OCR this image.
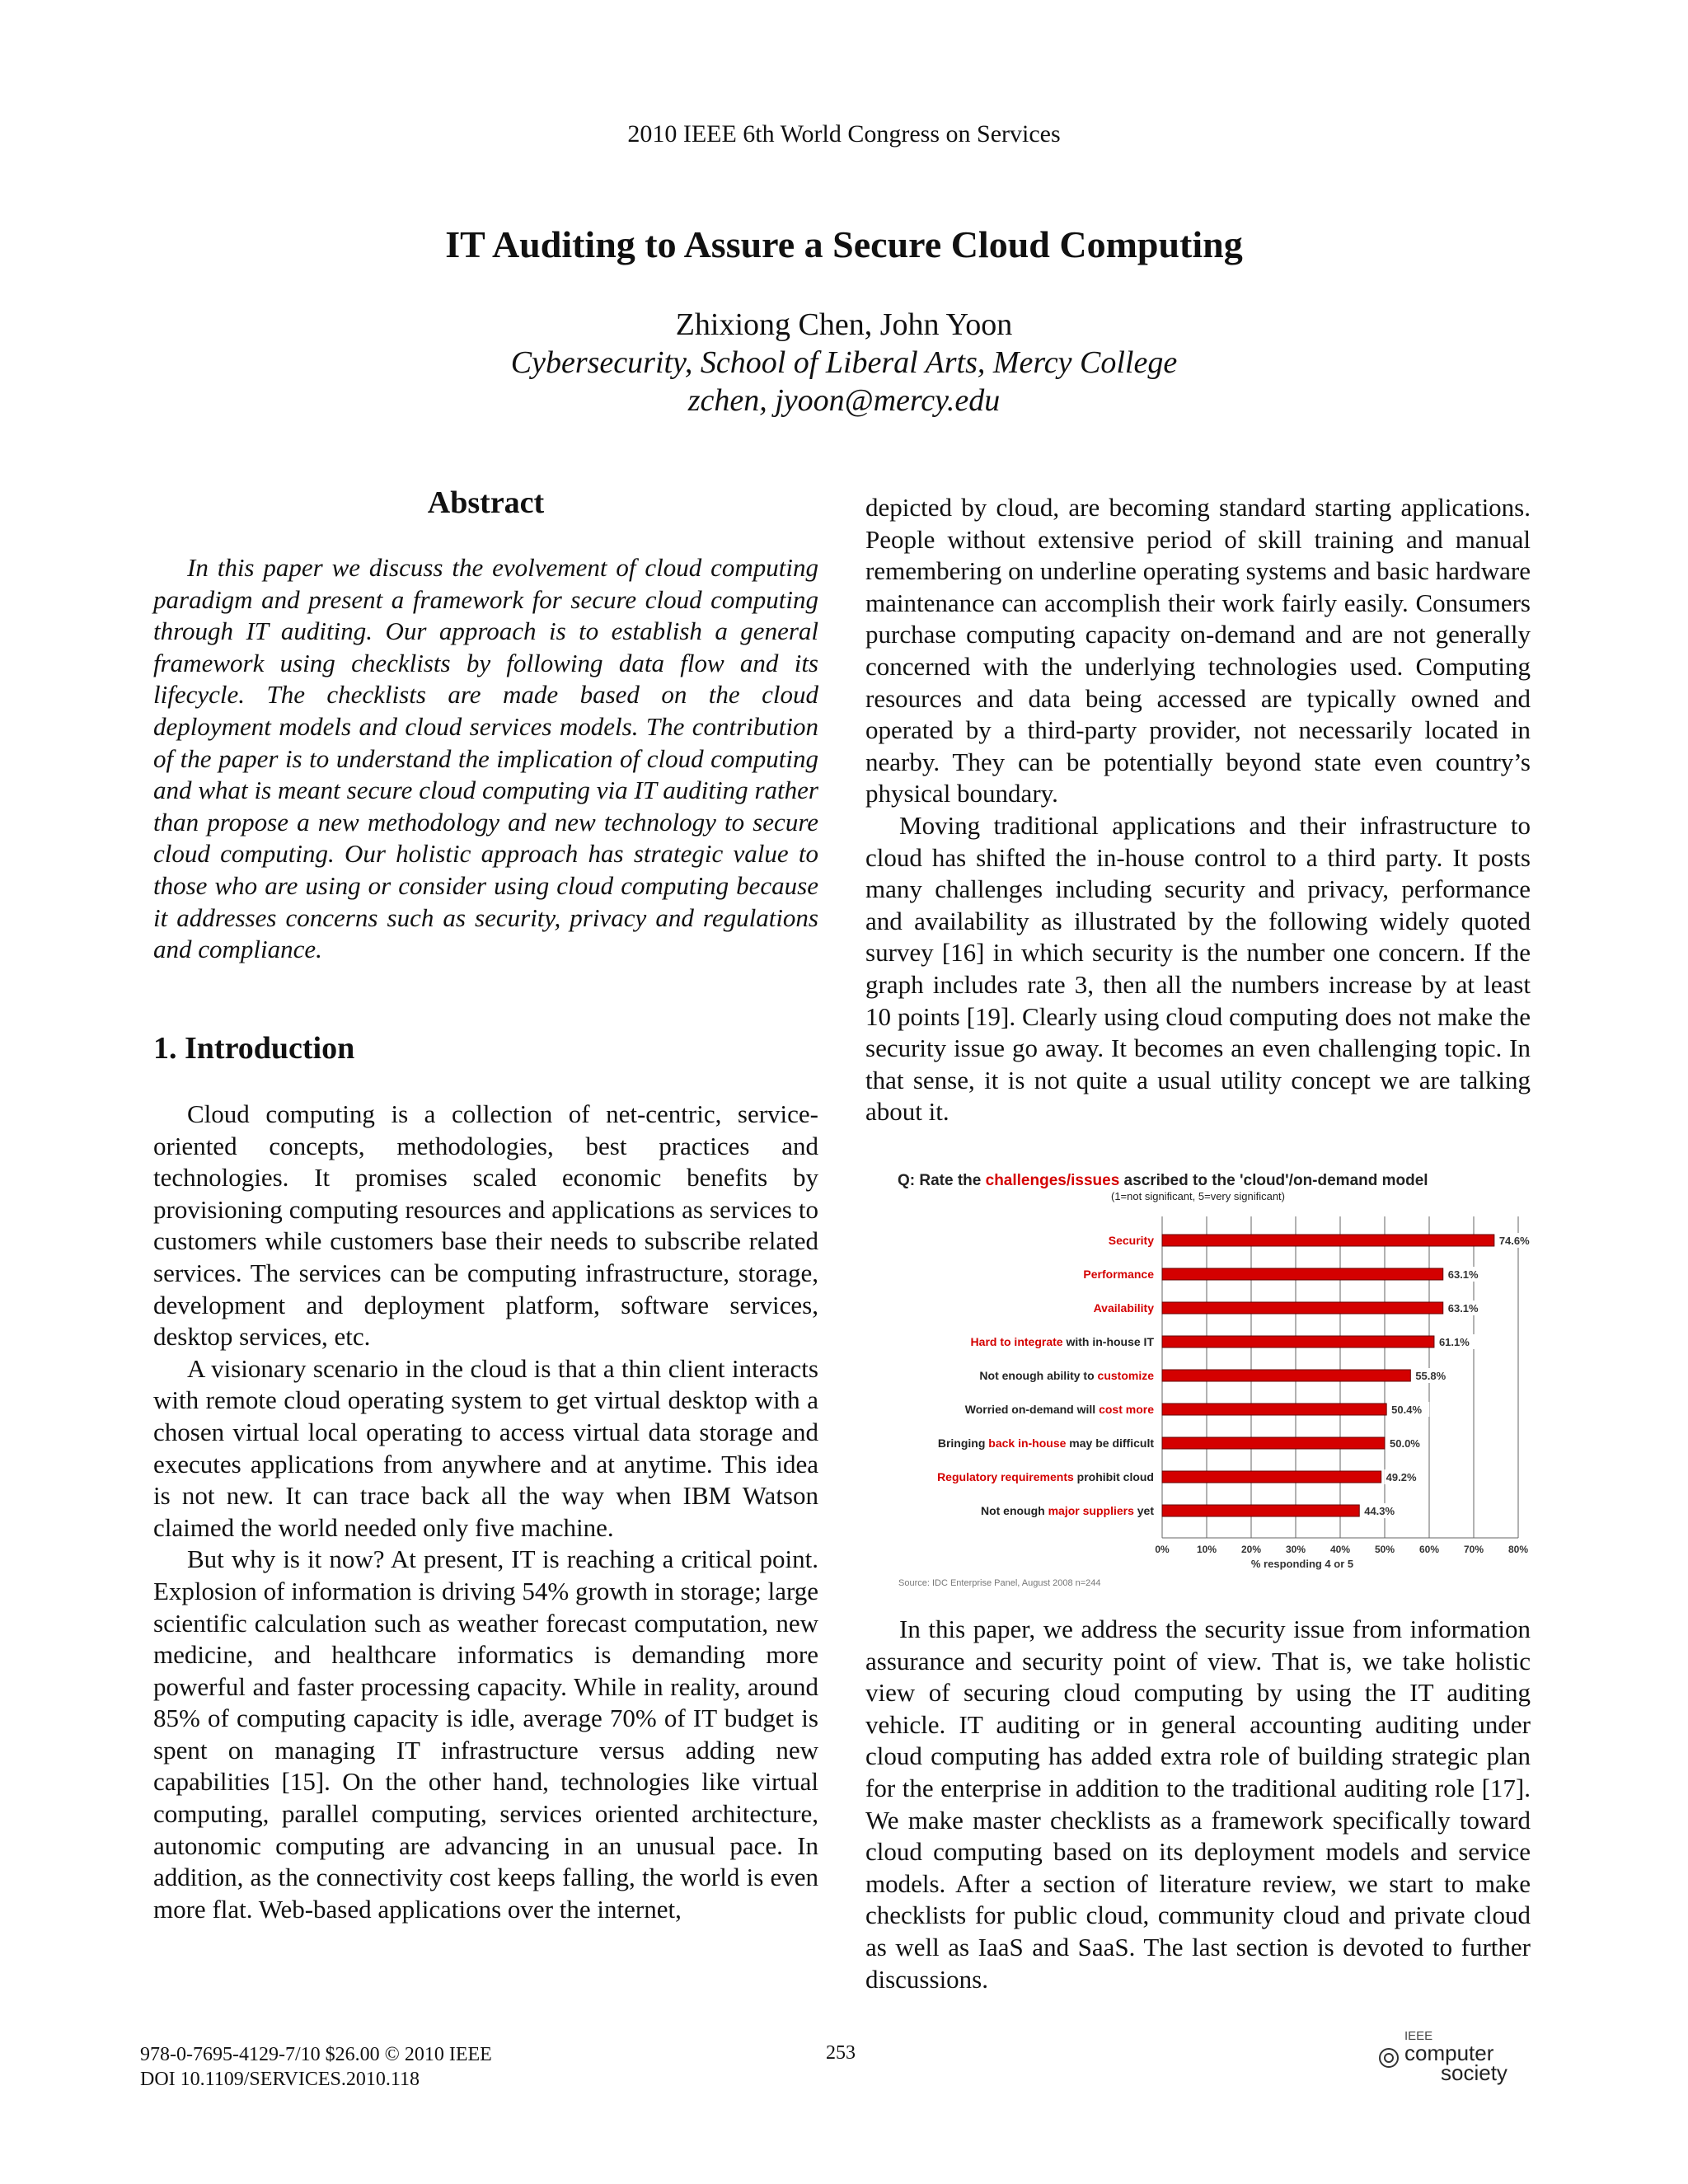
2010 IEEE 6th World Congress on Services
IT Auditing to Assure a Secure Cloud Computing
Zhixiong Chen, John Yoon
Cybersecurity, School of Liberal Arts, Mercy College
zchen, jyoon@mercy.edu
Abstract

In this paper we discuss the evolvement of cloud computing paradigm and present a framework for secure cloud computing through IT auditing. Our approach is to establish a general framework using checklists by following data flow and its lifecycle. The checklists are made based on the cloud deployment models and cloud services models. The contribution of the paper is to understand the implication of cloud computing and what is meant secure cloud computing via IT auditing rather than propose a new methodology and new technology to secure cloud computing. Our holistic approach has strategic value to those who are using or consider using cloud computing because it addresses concerns such as security, privacy and regulations and compliance.

1. Introduction

Cloud computing is a collection of net-centric, service-oriented concepts, methodologies, best practices and technologies. It promises scaled economic benefits by provisioning computing resources and applications as services to customers while customers base their needs to subscribe related services. The services can be computing infrastructure, storage, development and deployment platform, software services, desktop services, etc.

A visionary scenario in the cloud is that a thin client interacts with remote cloud operating system to get virtual desktop with a chosen virtual local operating to access virtual data storage and executes applications from anywhere and at anytime. This idea is not new. It can trace back all the way when IBM Watson claimed the world needed only five machine.

But why is it now? At present, IT is reaching a critical point. Explosion of information is driving 54% growth in storage; large scientific calculation such as weather forecast computation, new medicine, and healthcare informatics is demanding more powerful and faster processing capacity. While in reality, around 85% of computing capacity is idle, average 70% of IT budget is spent on managing IT infrastructure versus adding new capabilities [15]. On the other hand, technologies like virtual computing, parallel computing, services oriented architecture, autonomic computing are advancing in an unusual pace. In addition, as the connectivity cost keeps falling, the world is even more flat. Web-based applications over the internet,

depicted by cloud, are becoming standard starting applications. People without extensive period of skill training and manual remembering on underline operating systems and basic hardware maintenance can accomplish their work fairly easily. Consumers purchase computing capacity on-demand and are not generally concerned with the underlying technologies used. Computing resources and data being accessed are typically owned and operated by a third-party provider, not necessarily located in nearby. They can be potentially beyond state even country’s physical boundary.

Moving traditional applications and their infrastructure to cloud has shifted the in-house control to a third party. It posts many challenges including security and privacy, performance and availability as illustrated by the following widely quoted survey [16] in which security is the number one concern. If the graph includes rate 3, then all the numbers increase by at least 10 points [19]. Clearly using cloud computing does not make the security issue go away. It becomes an even challenging topic. In that sense, it is not quite a usual utility concept we are talking about it.

Q: Rate the challenges/issues ascribed to the 'cloud'/on-demand model
(1=not significant, 5=very significant)
Security
Performance
Availability
Hard to integrate with in-house IT
Not enough ability to customize
Worried on-demand will cost more
Bringing back in-house may be difficult
Regulatory requirements prohibit cloud
Not enough major suppliers yet
74.6%
63.1%
63.1%
61.1%
55.8%
50.4%
50.0%
49.2%
44.3%
0%	10% 20% 30% 40% 50% 60% 70% 80%
% responding 4 or 5
Source: IDC Enterprise Panel, August 2008 n=244

In this paper, we address the security issue from information assurance and security point of view. That is, we take holistic view of securing cloud computing by using the IT auditing vehicle. IT auditing or in general accounting auditing under cloud computing has added extra role of building strategic plan for the enterprise in addition to the traditional auditing role [17]. We make master checklists as a framework specifically toward cloud computing based on its deployment models and service models. After a section of literature review, we start to make checklists for public cloud, community cloud and private cloud as well as IaaS and SaaS. The last section is devoted to further discussions.

978-0-7695-4129-7/10 $26.00 © 2010 IEEE
DOI 10.1109/SERVICES.2010.118
253
IEEE
computer
society
